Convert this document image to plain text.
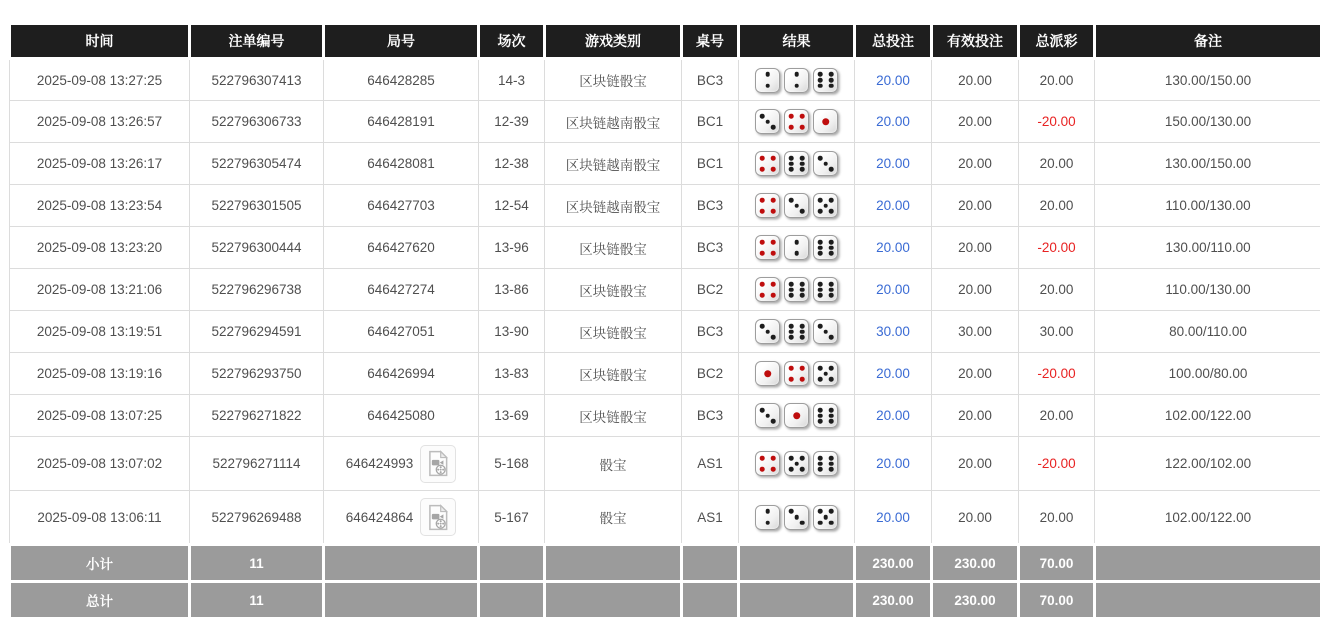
时间	注单编号	局号	场次	游戏类别	桌号	结果	总投注	有效投注	总派彩	备注
2025-09-08 13:27:25	522796307413	646428285	14-3	区块链骰宝	BC3		20.00	20.00	20.00	130.00/150.00
2025-09-08 13:26:57	522796306733	646428191	12-39	区块链越南骰宝	BC1		20.00	20.00	-20.00	150.00/130.00
2025-09-08 13:26:17	522796305474	646428081	12-38	区块链越南骰宝	BC1		20.00	20.00	20.00	130.00/150.00
2025-09-08 13:23:54	522796301505	646427703	12-54	区块链越南骰宝	BC3		20.00	20.00	20.00	110.00/130.00
2025-09-08 13:23:20	522796300444	646427620	13-96	区块链骰宝	BC3		20.00	20.00	-20.00	130.00/110.00
2025-09-08 13:21:06	522796296738	646427274	13-86	区块链骰宝	BC2		20.00	20.00	20.00	110.00/130.00
2025-09-08 13:19:51	522796294591	646427051	13-90	区块链骰宝	BC3		30.00	30.00	30.00	80.00/110.00
2025-09-08 13:19:16	522796293750	646426994	13-83	区块链骰宝	BC2		20.00	20.00	-20.00	100.00/80.00
2025-09-08 13:07:25	522796271822	646425080	13-69	区块链骰宝	BC3		20.00	20.00	20.00	102.00/122.00
2025-09-08 13:07:02	522796271114	646424993	5-168	骰宝	AS1		20.00	20.00	-20.00	122.00/102.00
2025-09-08 13:06:11	522796269488	646424864	5-167	骰宝	AS1		20.00	20.00	20.00	102.00/122.00
小计	11						230.00	230.00	70.00	
总计	11						230.00	230.00	70.00	
